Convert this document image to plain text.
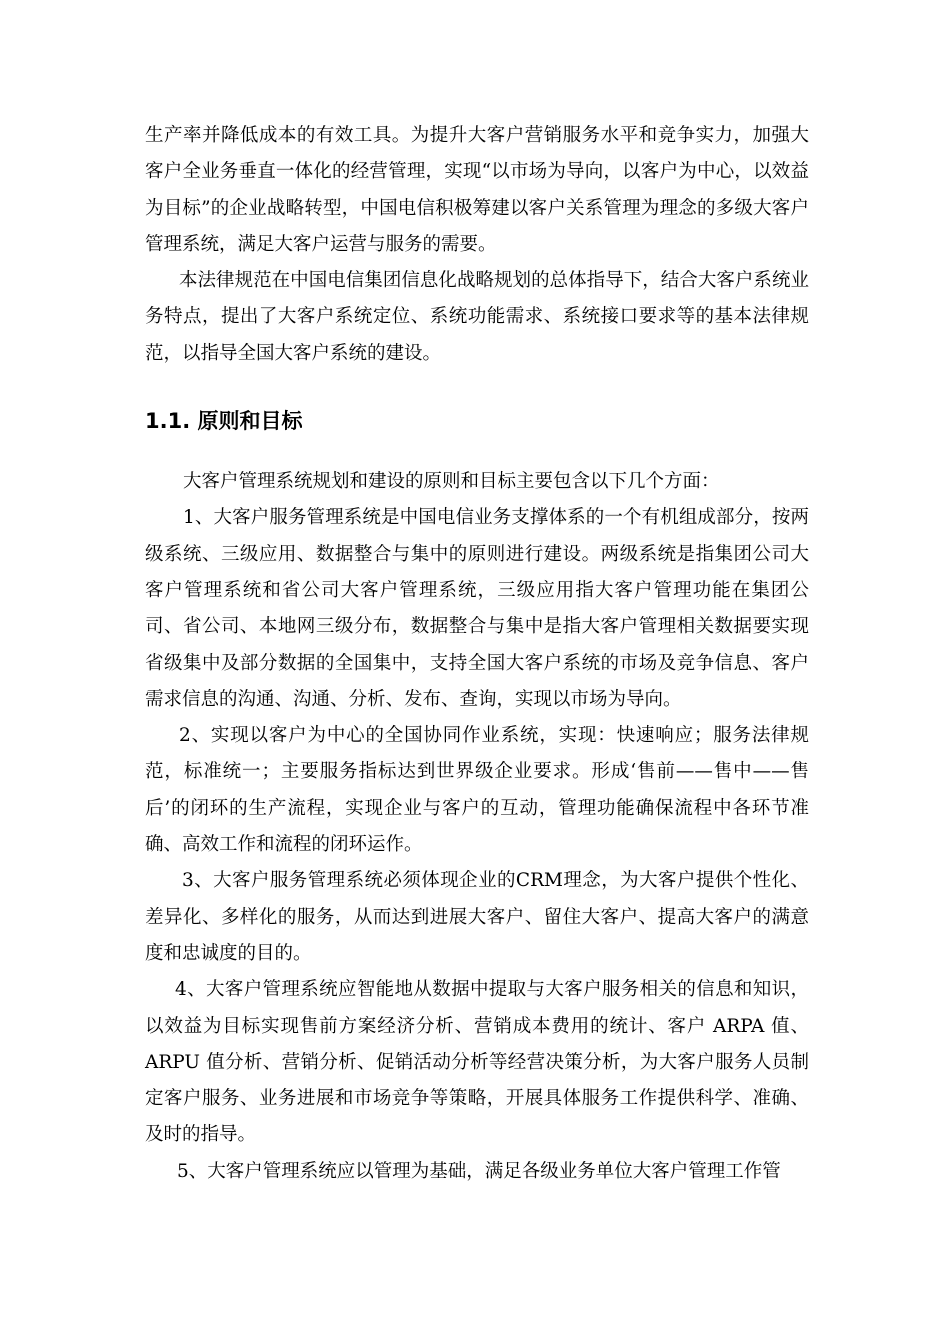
生产率并降低成本的有效工具。为提升大客户营销服务水平和竞争实力，加强大客户全业务垂直一体化的经营管理，实现“以市场为导向，以客户为中心，以效益为目标”的企业战略转型，中国电信积极筹建以客户关系管理为理念的多级大客户管理系统，满足大客户运营与服务的需要。

本法律规范在中国电信集团信息化战略规划的总体指导下，结合大客户系统业务特点，提出了大客户系统定位、系统功能需求、系统接口要求等的基本法律规范，以指导全国大客户系统的建设。

1.1. 原则和目标

大客户管理系统规划和建设的原则和目标主要包含以下几个方面：

1、大客户服务管理系统是中国电信业务支撑体系的一个有机组成部分，按两级系统、三级应用、数据整合与集中的原则进行建设。两级系统是指集团公司大客户管理系统和省公司大客户管理系统，三级应用指大客户管理功能在集团公司、省公司、本地网三级分布，数据整合与集中是指大客户管理相关数据要实现省级集中及部分数据的全国集中，支持全国大客户系统的市场及竞争信息、客户需求信息的沟通、沟通、分析、发布、查询，实现以市场为导向。

2、实现以客户为中心的全国协同作业系统，实现：快速响应；服务法律规范，标准统一；主要服务指标达到世界级企业要求。形成‘售前——售中——售后’的闭环的生产流程，实现企业与客户的互动，管理功能确保流程中各环节准确、高效工作和流程的闭环运作。

3、大客户服务管理系统必须体现企业的CRM理念，为大客户提供个性化、差异化、多样化的服务，从而达到进展大客户、留住大客户、提高大客户的满意度和忠诚度的目的。

4、大客户管理系统应智能地从数据中提取与大客户服务相关的信息和知识，以效益为目标实现售前方案经济分析、营销成本费用的统计、客户 ARPA 值、ARPU 值分析、营销分析、促销活动分析等经营决策分析，为大客户服务人员制定客户服务、业务进展和市场竞争等策略，开展具体服务工作提供科学、准确、及时的指导。

5、大客户管理系统应以管理为基础，满足各级业务单位大客户管理工作管
